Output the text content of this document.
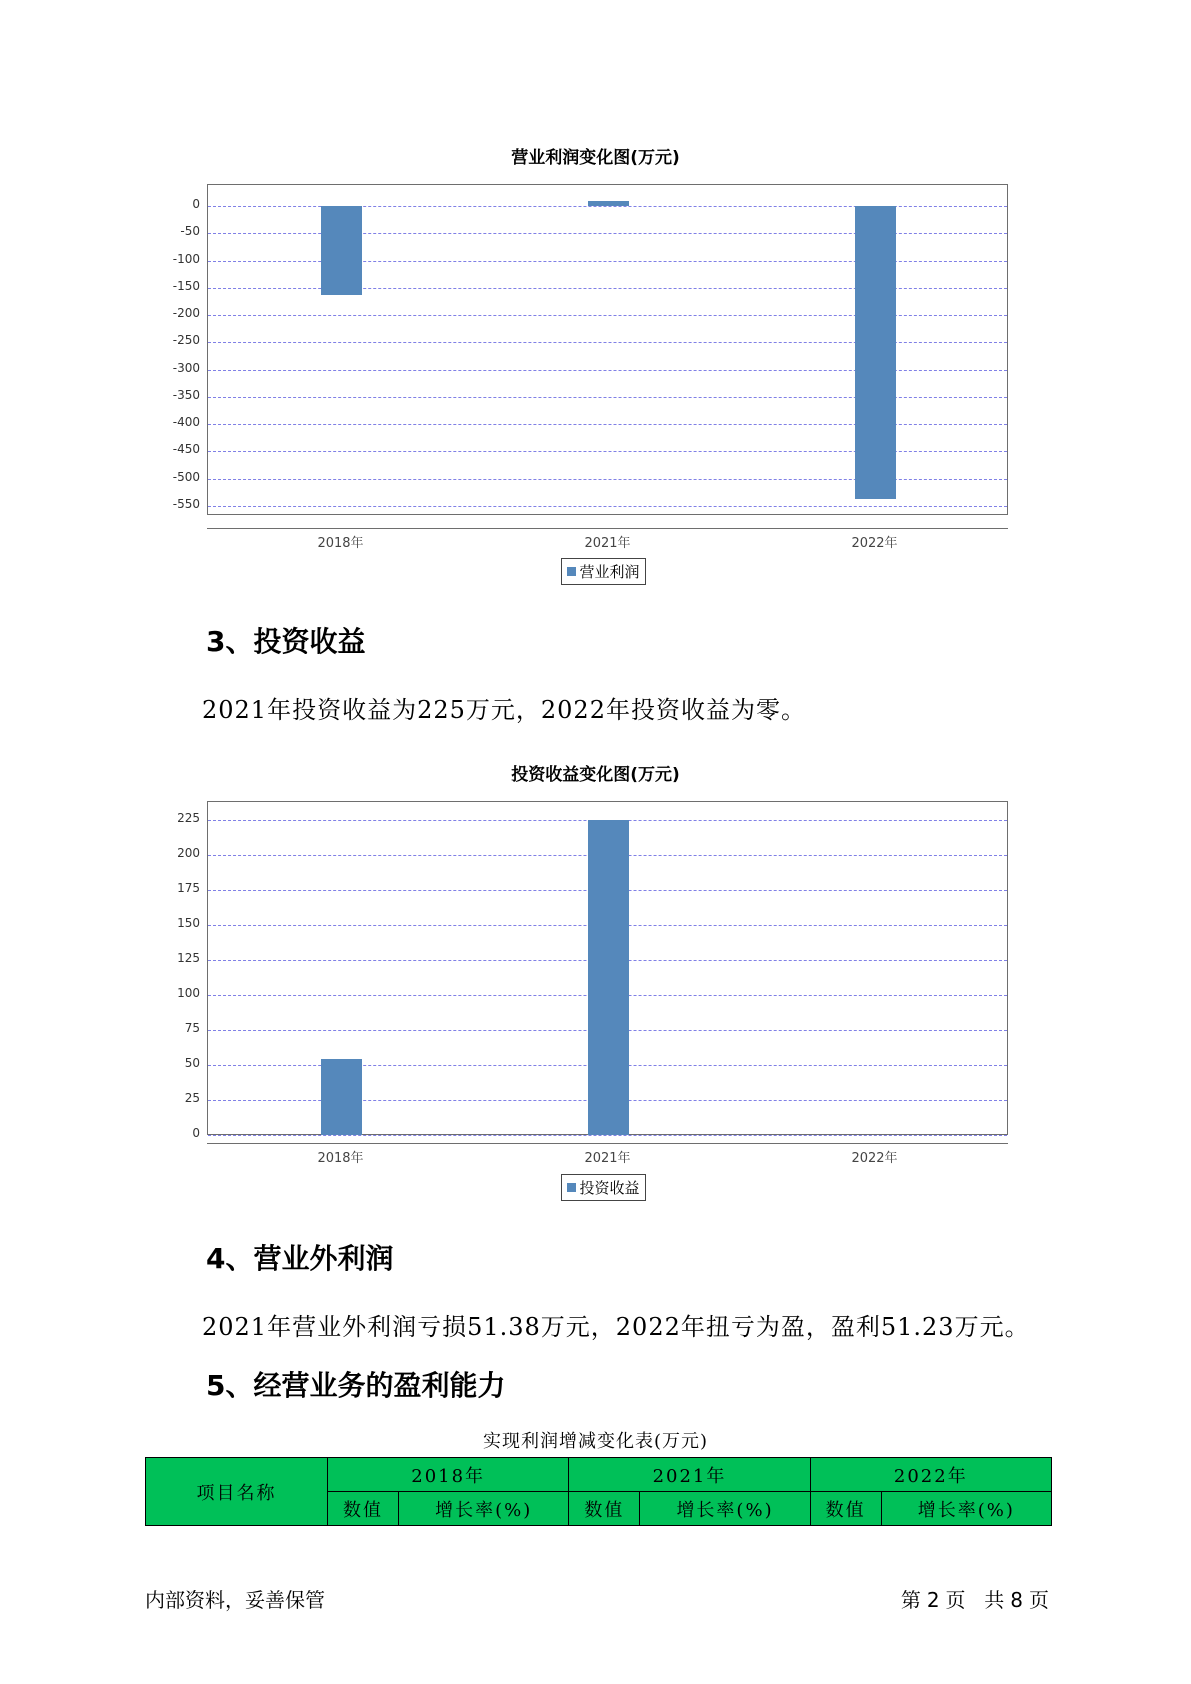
营业利润变化图(万元)
0
-50
-100
-150
-200
-250
-300
-350
-400
-450
-500
-550
2018年	2021年	2022年
营业利润
3、投资收益
2021年投资收益为225万元，2022年投资收益为零。
投资收益变化图(万元)
0
25
50
75
100
125
150
175
200
225
2018年	2021年	2022年
投资收益
4、营业外利润
2021年营业外利润亏损51.38万元，2022年扭亏为盈，盈利51.23万元。
5、经营业务的盈利能力
实现利润增减变化表(万元)
项目名称	2018年		2021年		2022年	
	数值	增长率(%)	数值	增长率(%)	数值	增长率(%)
内部资料，妥善保管	第 2 页 共 8 页
